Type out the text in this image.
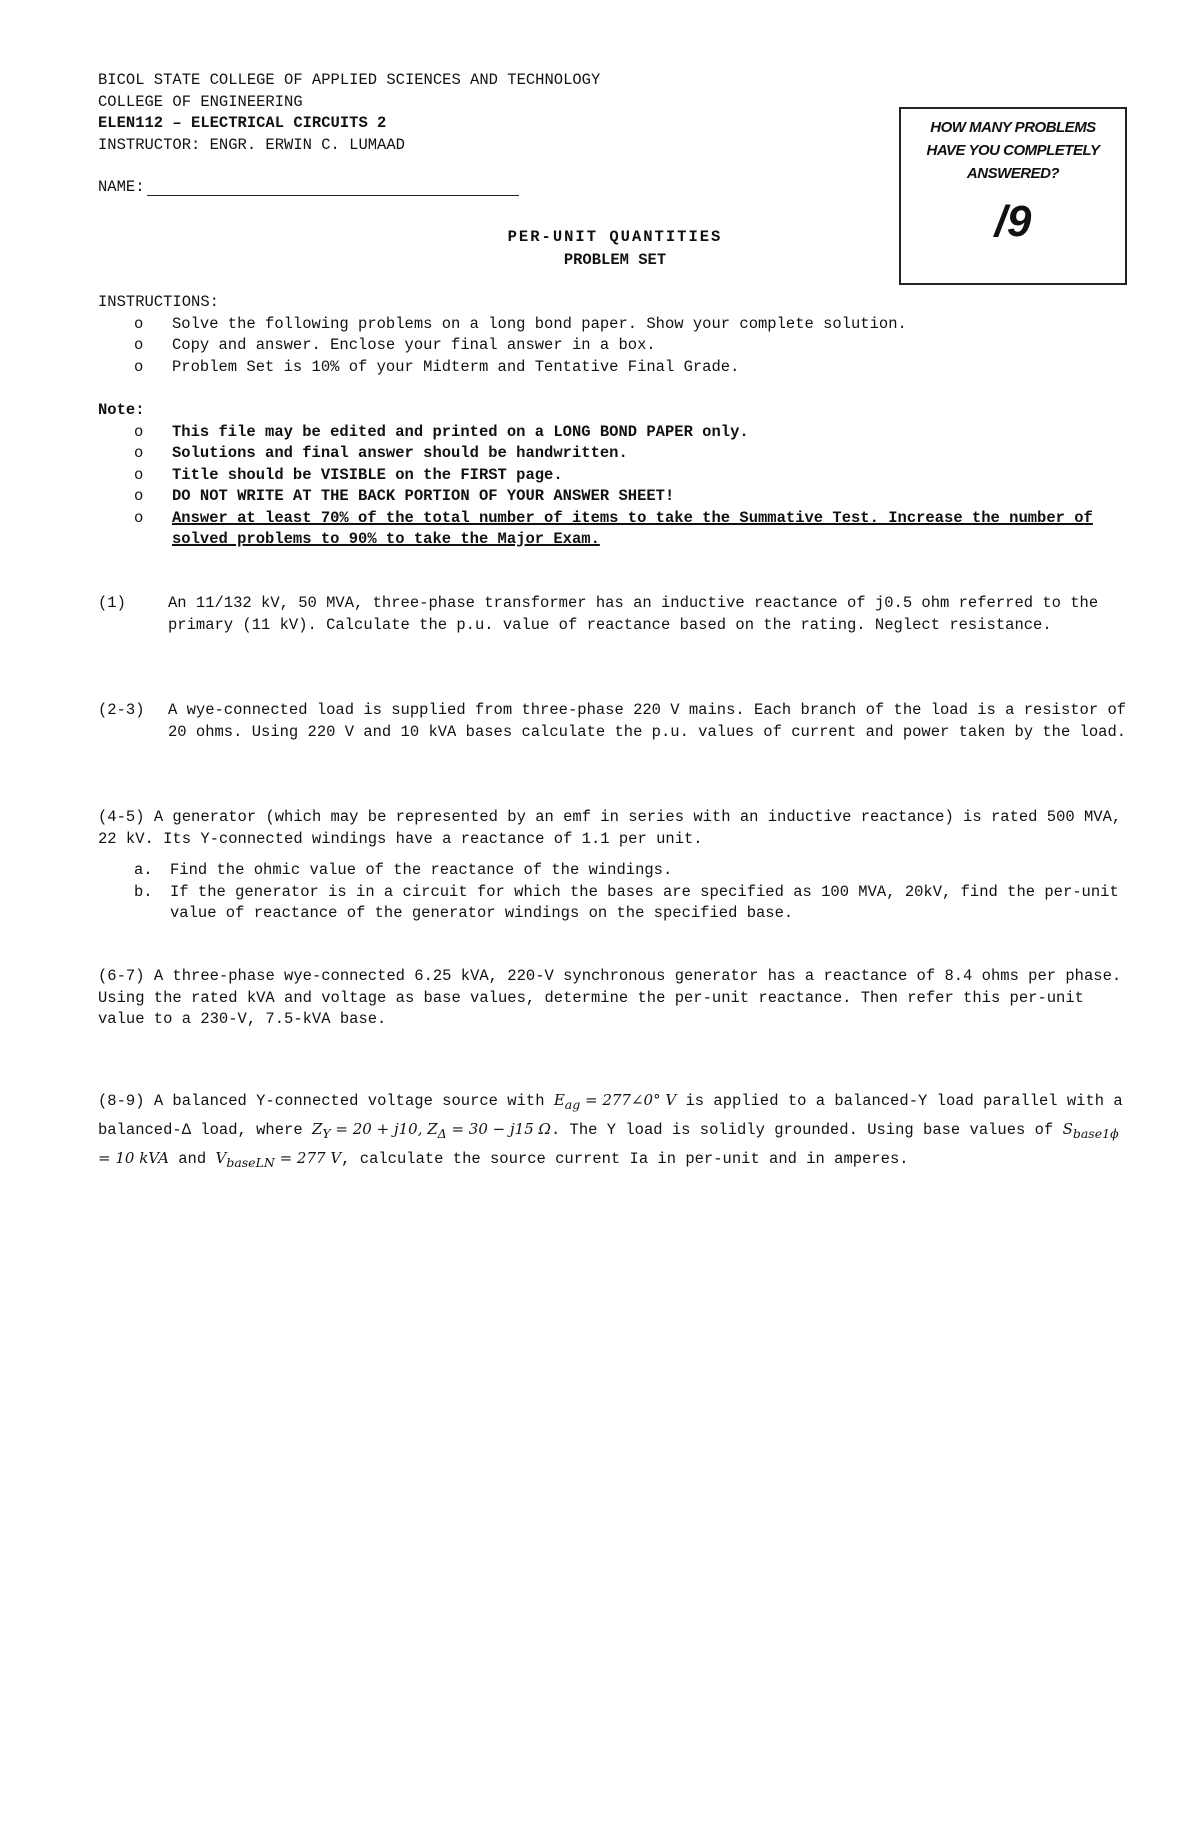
BICOL STATE COLLEGE OF APPLIED SCIENCES AND TECHNOLOGY
COLLEGE OF ENGINEERING
ELEN112 – ELECTRICAL CIRCUITS 2
INSTRUCTOR: ENGR. ERWIN C. LUMAAD
NAME:
HOW MANY PROBLEMS
HAVE YOU COMPLETELY
ANSWERED?
/9
PER-UNIT QUANTITIES
PROBLEM SET
INSTRUCTIONS:
o	Solve the following problems on a long bond paper. Show your complete solution.
o	Copy and answer. Enclose your final answer in a box.
o	Problem Set is 10% of your Midterm and Tentative Final Grade.
Note:
o	This file may be edited and printed on a LONG BOND PAPER only.
o	Solutions and final answer should be handwritten.
o	Title should be VISIBLE on the FIRST page.
o	DO NOT WRITE AT THE BACK PORTION OF YOUR ANSWER SHEET!
o	Answer at least 70% of the total number of items to take the Summative Test. Increase the number of solved problems to 90% to take the Major Exam.
(1)	An 11/132 kV, 50 MVA, three-phase transformer has an inductive reactance of j0.5 ohm referred to the primary (11 kV). Calculate the p.u. value of reactance based on the rating. Neglect resistance.
(2-3)	A wye-connected load is supplied from three-phase 220 V mains. Each branch of the load is a resistor of 20 ohms. Using 220 V and 10 kVA bases calculate the p.u. values of current and power taken by the load.
(4-5) A generator (which may be represented by an emf in series with an inductive reactance) is rated 500 MVA, 22 kV. Its Y-connected windings have a reactance of 1.1 per unit.
a.	Find the ohmic value of the reactance of the windings.
b.	If the generator is in a circuit for which the bases are specified as 100 MVA, 20kV, find the per-unit value of reactance of the generator windings on the specified base.
(6-7) A three-phase wye-connected 6.25 kVA, 220-V synchronous generator has a reactance of 8.4 ohms per phase. Using the rated kVA and voltage as base values, determine the per-unit reactance. Then refer this per-unit value to a 230-V, 7.5-kVA base.
(8-9) A balanced Y-connected voltage source with $E_{ag}$ = 277∠0° V is applied to a balanced-Y load parallel with a balanced-Δ load, where $Z_Y = 20 + j10$, $Z_\Delta = 30 - j15$ Ω. The Y load is solidly grounded. Using base values of $S_{base1\phi} = 10$ kVA and $V_{baseLN} = 277$ V, calculate the source current Ia in per-unit and in amperes.
